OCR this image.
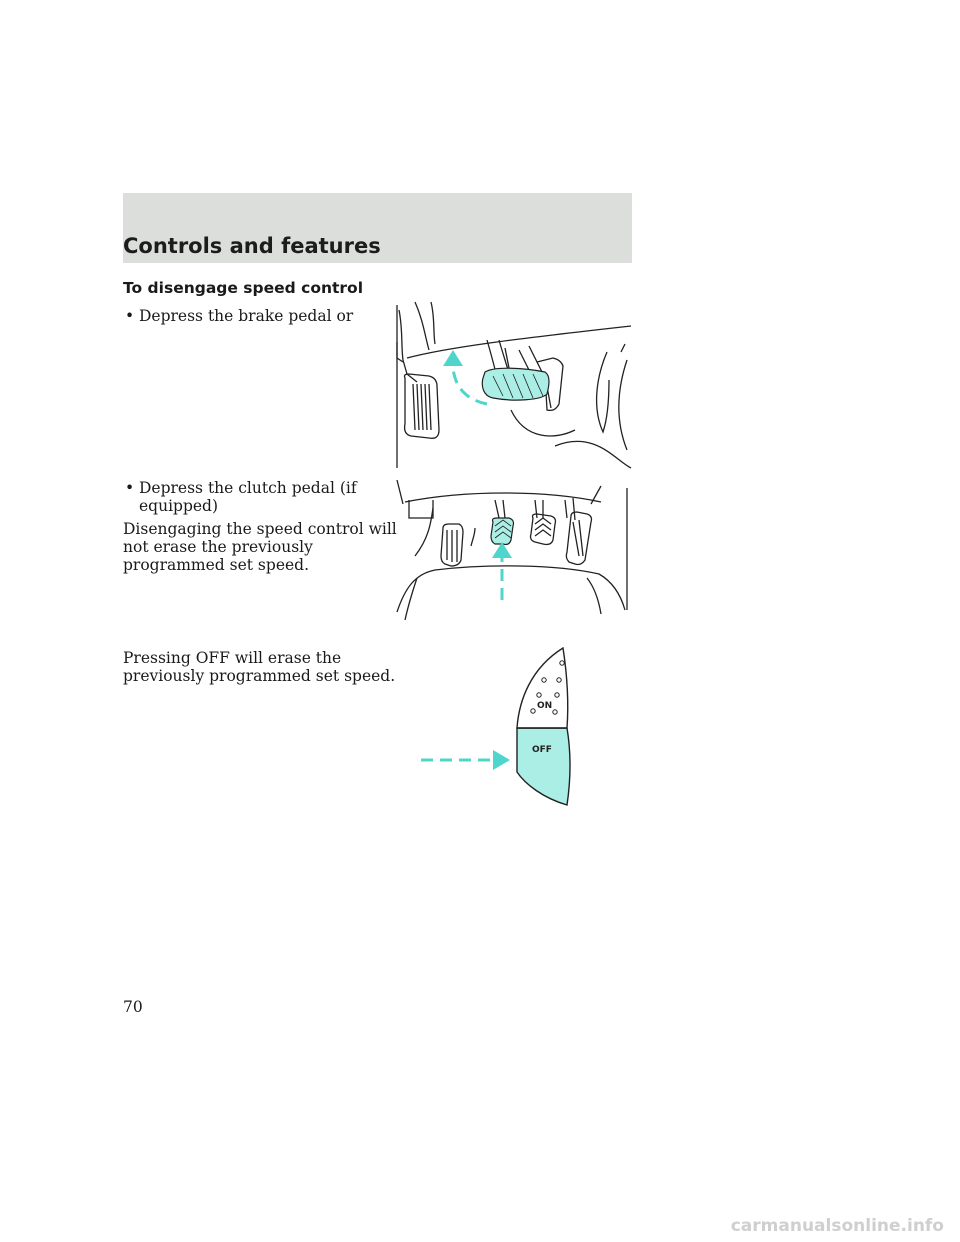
Controls and features
To disengage speed control
• Depress the brake pedal or
• Depress the clutch pedal (if
equipped)
Disengaging the speed control will
not erase the previously
programmed set speed.
Pressing OFF will erase the
previously programmed set speed.
ON
OFF
70
carmanualsonline.info
